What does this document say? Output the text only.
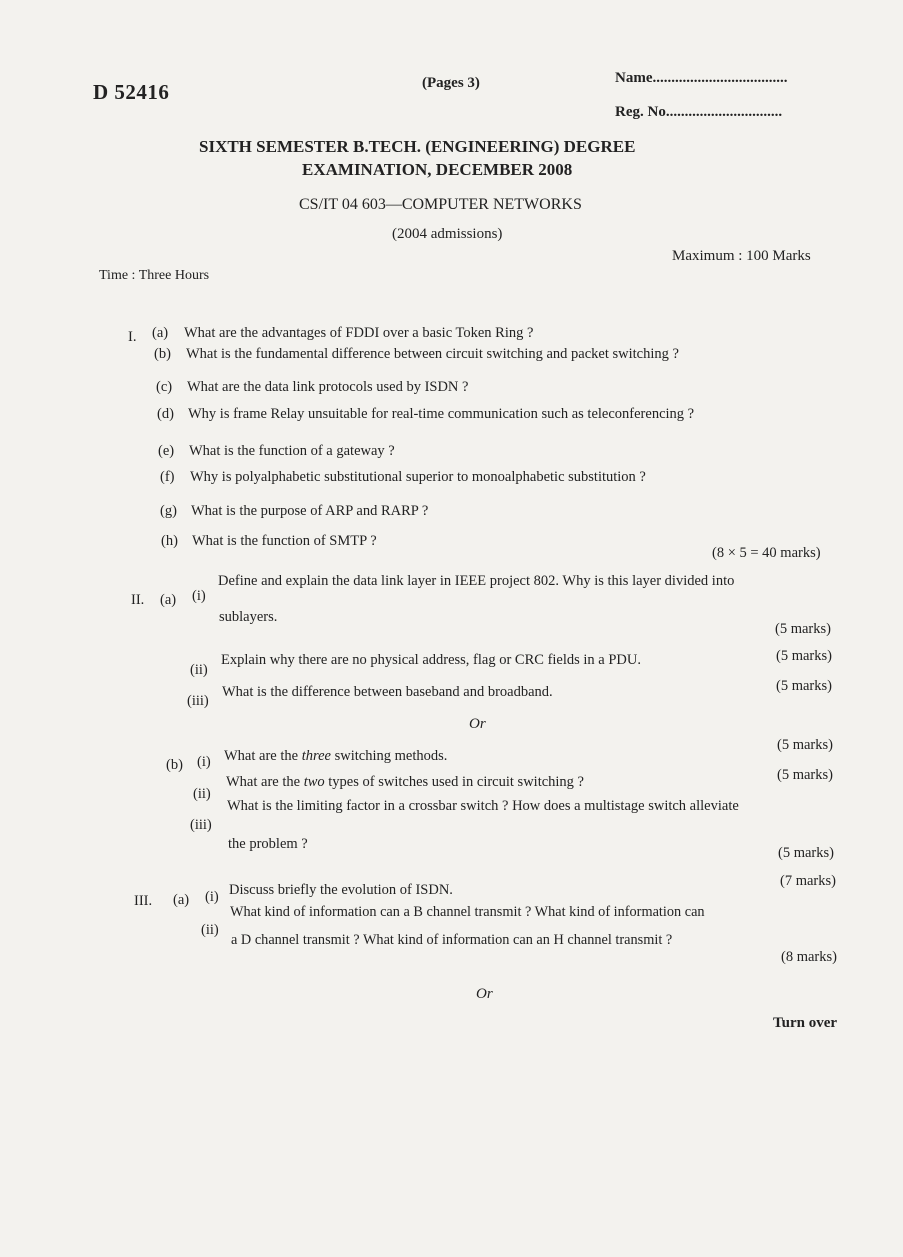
D 52416	(Pages 3)	Name....................................
Reg. No...............................
SIXTH SEMESTER B.TECH. (ENGINEERING) DEGREE
EXAMINATION, DECEMBER 2008
CS/IT 04 603—COMPUTER NETWORKS
(2004 admissions)
Time : Three Hours
Maximum : 100 Marks
I. (a) What are the advantages of FDDI over a basic Token Ring ?
(b) What is the fundamental difference between circuit switching and packet switching ?
(c) What are the data link protocols used by ISDN ?
(d) Why is frame Relay unsuitable for real-time communication such as teleconferencing ?
(e) What is the function of a gateway ?
(f) Why is polyalphabetic substitutional superior to monoalphabetic substitution ?
(g) What is the purpose of ARP and RARP ?
(h) What is the function of SMTP ?
(8 × 5 = 40 marks)
II. (a) (i)
Define and explain the data link layer in IEEE project 802. Why is this layer divided into
sublayers.
(5 marks)
(ii)
Explain why there are no physical address, flag or CRC fields in a PDU.	(5 marks)
(iii)
What is the difference between baseband and broadband.	(5 marks)
Or
(b) (i) What are the three switching methods.
(5 marks)
(ii)
What are the two types of switches used in circuit switching ?	(5 marks)
(iii)
What is the limiting factor in a crossbar switch ? How does a multistage switch alleviate
the problem ?
(5 marks)
III. (a) (i) Discuss briefly the evolution of ISDN.
(7 marks)
(ii)
What kind of information can a B channel transmit ? What kind of information can
a D channel transmit ? What kind of information can an H channel transmit ?
(8 marks)
Or
Turn over
